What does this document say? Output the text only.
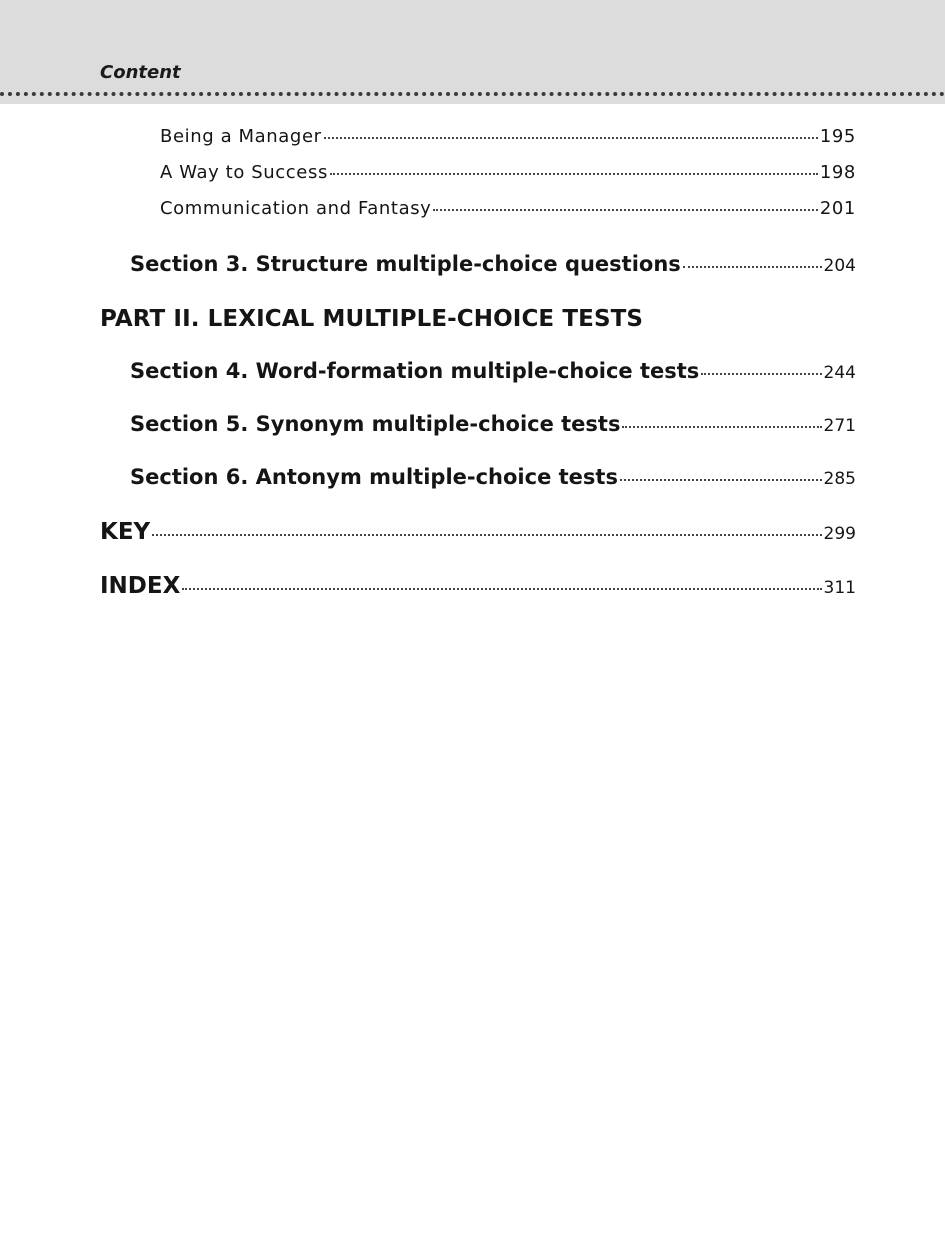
Content
Being a Manager	195
A Way to Success	198
Communication and Fantasy	201
Section 3. Structure multiple-choice questions	204
PART II. LEXICAL MULTIPLE-CHOICE TESTS
Section 4. Word-formation multiple-choice tests	244
Section 5. Synonym multiple-choice tests	271
Section 6. Antonym multiple-choice tests	285
KEY	299
INDEX	311
